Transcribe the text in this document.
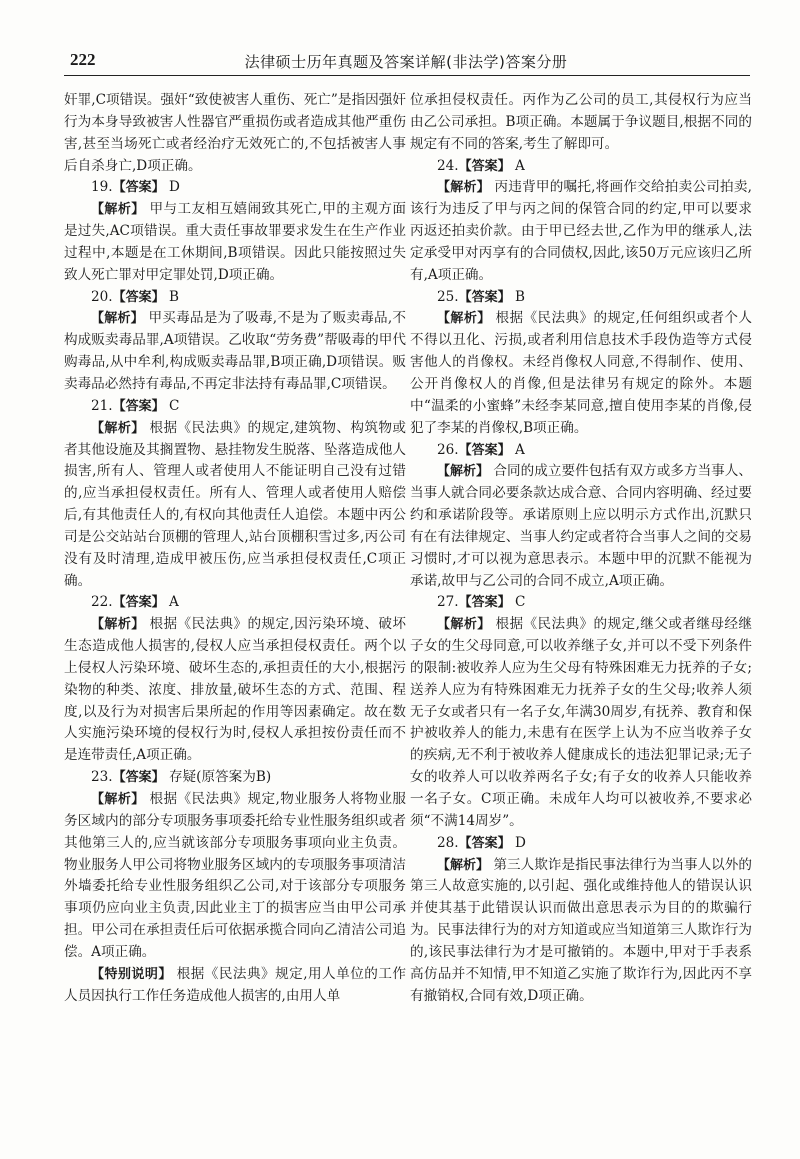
222	法律硕士历年真题及答案详解(非法学)答案分册

奸罪,C项错误。强奸“致使被害人重伤、死亡”是指因强奸行为本身导致被害人性器官严重损伤或者造成其他严重伤害,甚至当场死亡或者经治疗无效死亡的,不包括被害人事后自杀身亡,D项正确。

19.【答案】 D

【解析】 甲与工友相互嬉闹致其死亡,甲的主观方面是过失,AC项错误。重大责任事故罪要求发生在生产作业过程中,本题是在工休期间,B项错误。因此只能按照过失致人死亡罪对甲定罪处罚,D项正确。

20.【答案】 B

【解析】 甲买毒品是为了吸毒,不是为了贩卖毒品,不构成贩卖毒品罪,A项错误。乙收取“劳务费”帮吸毒的甲代购毒品,从中牟利,构成贩卖毒品罪,B项正确,D项错误。贩卖毒品必然持有毒品,不再定非法持有毒品罪,C项错误。

21.【答案】 C

【解析】 根据《民法典》的规定,建筑物、构筑物或者其他设施及其搁置物、悬挂物发生脱落、坠落造成他人损害,所有人、管理人或者使用人不能证明自己没有过错的,应当承担侵权责任。所有人、管理人或者使用人赔偿后,有其他责任人的,有权向其他责任人追偿。本题中丙公司是公交站站台顶棚的管理人,站台顶棚积雪过多,丙公司没有及时清理,造成甲被压伤,应当承担侵权责任,C项正确。

22.【答案】 A

【解析】 根据《民法典》的规定,因污染环境、破坏生态造成他人损害的,侵权人应当承担侵权责任。两个以上侵权人污染环境、破坏生态的,承担责任的大小,根据污染物的种类、浓度、排放量,破坏生态的方式、范围、程度,以及行为对损害后果所起的作用等因素确定。故在数人实施污染环境的侵权行为时,侵权人承担按份责任而不是连带责任,A项正确。

23.【答案】 存疑(原答案为B)

【解析】 根据《民法典》规定,物业服务人将物业服务区域内的部分专项服务事项委托给专业性服务组织或者其他第三人的,应当就该部分专项服务事项向业主负责。物业服务人甲公司将物业服务区域内的专项服务事项清洁外墙委托给专业性服务组织乙公司,对于该部分专项服务事项仍应向业主负责,因此业主丁的损害应当由甲公司承担。甲公司在承担责任后可依据承揽合同向乙清洁公司追偿。A项正确。

【特别说明】 根据《民法典》规定,用人单位的工作人员因执行工作任务造成他人损害的,由用人单

位承担侵权责任。丙作为乙公司的员工,其侵权行为应当由乙公司承担。B项正确。本题属于争议题目,根据不同的规定有不同的答案,考生了解即可。

24.【答案】 A

【解析】 丙违背甲的嘱托,将画作交给拍卖公司拍卖,该行为违反了甲与丙之间的保管合同的约定,甲可以要求丙返还拍卖价款。由于甲已经去世,乙作为甲的继承人,法定承受甲对丙享有的合同债权,因此,该50万元应该归乙所有,A项正确。

25.【答案】 B

【解析】 根据《民法典》的规定,任何组织或者个人不得以丑化、污损,或者利用信息技术手段伪造等方式侵害他人的肖像权。未经肖像权人同意,不得制作、使用、公开肖像权人的肖像,但是法律另有规定的除外。本题中“温柔的小蜜蜂”未经李某同意,擅自使用李某的肖像,侵犯了李某的肖像权,B项正确。

26.【答案】 A

【解析】 合同的成立要件包括有双方或多方当事人、当事人就合同必要条款达成合意、合同内容明确、经过要约和承诺阶段等。承诺原则上应以明示方式作出,沉默只有在有法律规定、当事人约定或者符合当事人之间的交易习惯时,才可以视为意思表示。本题中甲的沉默不能视为承诺,故甲与乙公司的合同不成立,A项正确。

27.【答案】 C

【解析】 根据《民法典》的规定,继父或者继母经继子女的生父母同意,可以收养继子女,并可以不受下列条件的限制:被收养人应为生父母有特殊困难无力抚养的子女;送养人应为有特殊困难无力抚养子女的生父母;收养人须无子女或者只有一名子女,年满30周岁,有抚养、教育和保护被收养人的能力,未患有在医学上认为不应当收养子女的疾病,无不利于被收养人健康成长的违法犯罪记录;无子女的收养人可以收养两名子女;有子女的收养人只能收养一名子女。C项正确。未成年人均可以被收养,不要求必须“不满14周岁”。

28.【答案】 D

【解析】 第三人欺诈是指民事法律行为当事人以外的第三人故意实施的,以引起、强化或维持他人的错误认识并使其基于此错误认识而做出意思表示为目的的欺骗行为。民事法律行为的对方知道或应当知道第三人欺诈行为的,该民事法律行为才是可撤销的。本题中,甲对于手表系高仿品并不知情,甲不知道乙实施了欺诈行为,因此丙不享有撤销权,合同有效,D项正确。
